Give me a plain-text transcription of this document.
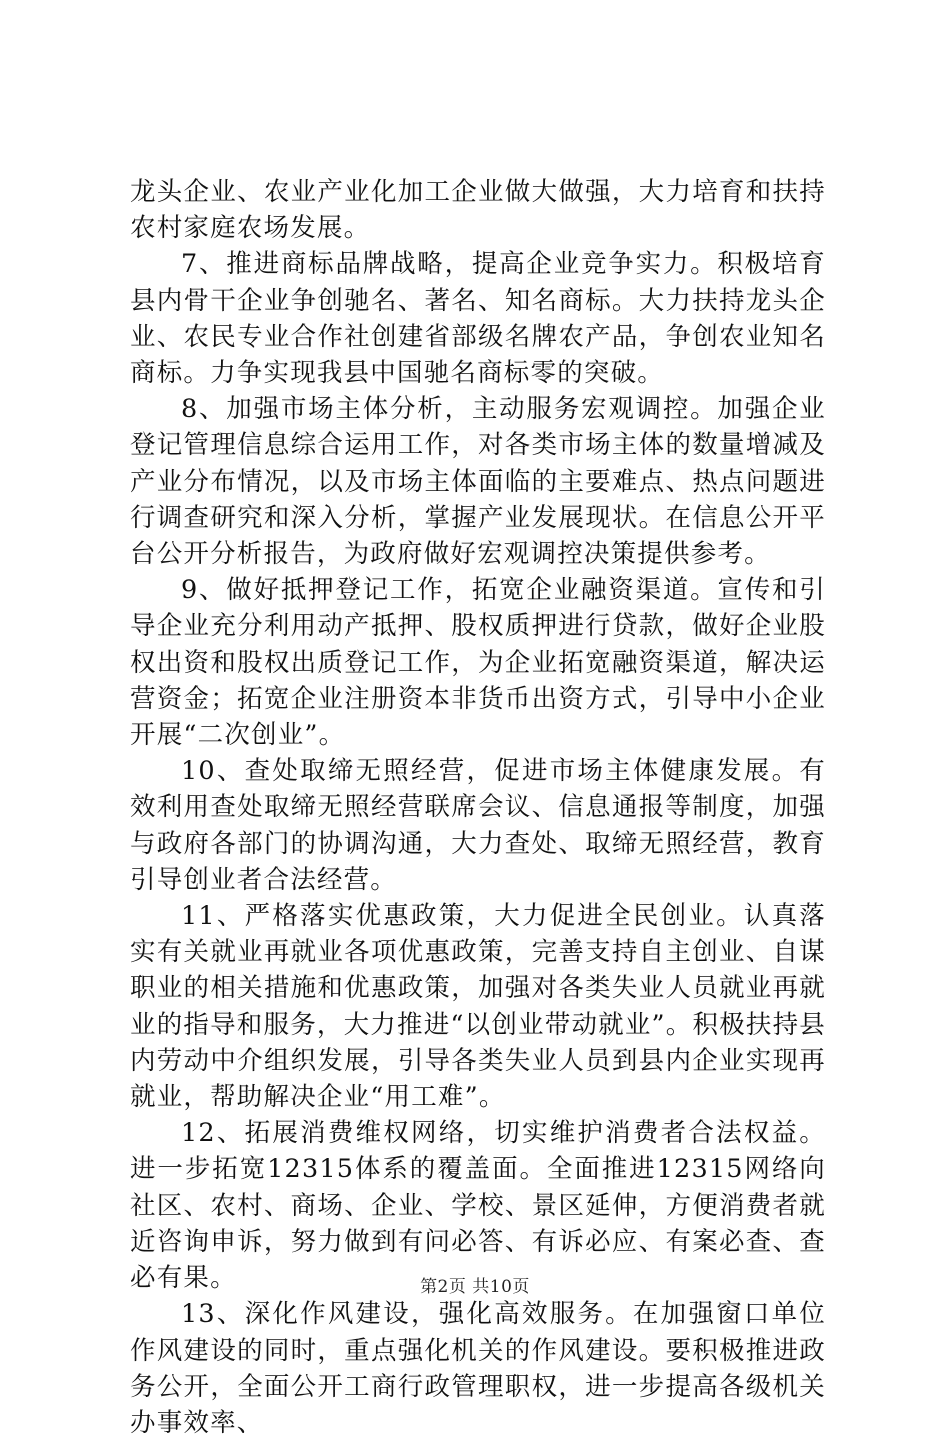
龙头企业、农业产业化加工企业做大做强，大力培育和扶持农村家庭农场发展。

7、推进商标品牌战略，提高企业竞争实力。积极培育县内骨干企业争创驰名、著名、知名商标。大力扶持龙头企业、农民专业合作社创建省部级名牌农产品，争创农业知名商标。力争实现我县中国驰名商标零的突破。

8、加强市场主体分析，主动服务宏观调控。加强企业登记管理信息综合运用工作，对各类市场主体的数量增减及产业分布情况，以及市场主体面临的主要难点、热点问题进行调查研究和深入分析，掌握产业发展现状。在信息公开平台公开分析报告，为政府做好宏观调控决策提供参考。

9、做好抵押登记工作，拓宽企业融资渠道。宣传和引导企业充分利用动产抵押、股权质押进行贷款，做好企业股权出资和股权出质登记工作，为企业拓宽融资渠道，解决运营资金；拓宽企业注册资本非货币出资方式，引导中小企业开展“二次创业”。

10、查处取缔无照经营，促进市场主体健康发展。有效利用查处取缔无照经营联席会议、信息通报等制度，加强与政府各部门的协调沟通，大力查处、取缔无照经营，教育引导创业者合法经营。

11、严格落实优惠政策，大力促进全民创业。认真落实有关就业再就业各项优惠政策，完善支持自主创业、自谋职业的相关措施和优惠政策，加强对各类失业人员就业再就业的指导和服务，大力推进“以创业带动就业”。积极扶持县内劳动中介组织发展，引导各类失业人员到县内企业实现再就业，帮助解决企业“用工难”。

12、拓展消费维权网络，切实维护消费者合法权益。进一步拓宽12315体系的覆盖面。全面推进12315网络向社区、农村、商场、企业、学校、景区延伸，方便消费者就近咨询申诉，努力做到有问必答、有诉必应、有案必查、查必有果。

13、深化作风建设，强化高效服务。在加强窗口单位作风建设的同时，重点强化机关的作风建设。要积极推进政务公开，全面公开工商行政管理职权，进一步提高各级机关办事效率、

第2页 共10页
